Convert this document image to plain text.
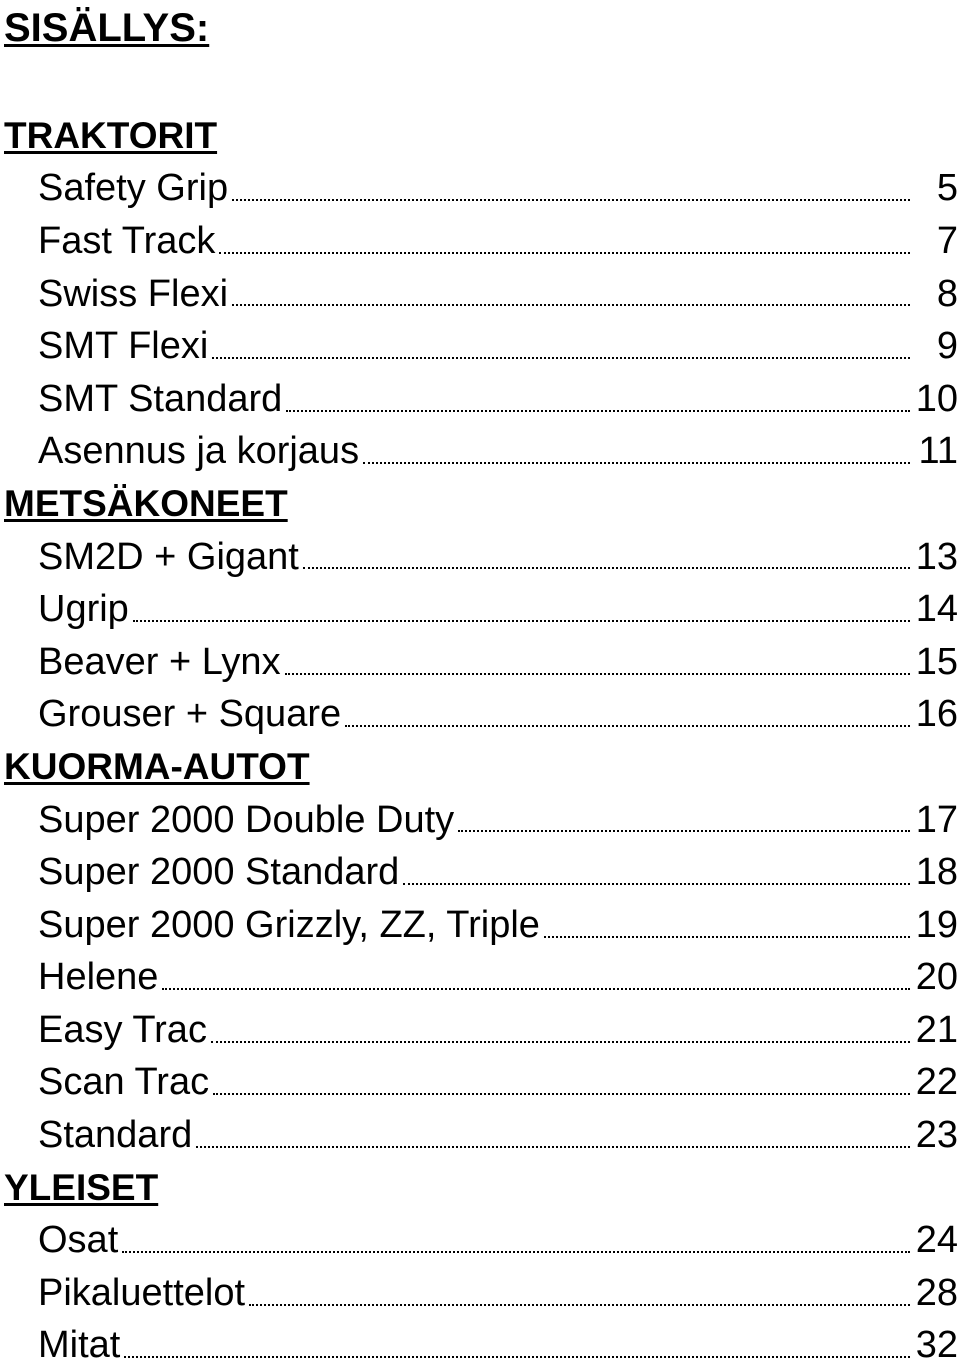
SISÄLLYS:
TRAKTORIT
Safety Grip	5
Fast Track	7
Swiss Flexi	8
SMT Flexi	9
SMT Standard	10
Asennus ja korjaus	11
METSÄKONEET
SM2D + Gigant	13
Ugrip	14
Beaver + Lynx	15
Grouser + Square	16
KUORMA-AUTOT
Super 2000 Double Duty	17
Super 2000 Standard	18
Super 2000 Grizzly, ZZ, Triple	19
Helene	20
Easy Trac	21
Scan Trac	22
Standard	23
YLEISET
Osat	24
Pikaluettelot	28
Mitat	32
